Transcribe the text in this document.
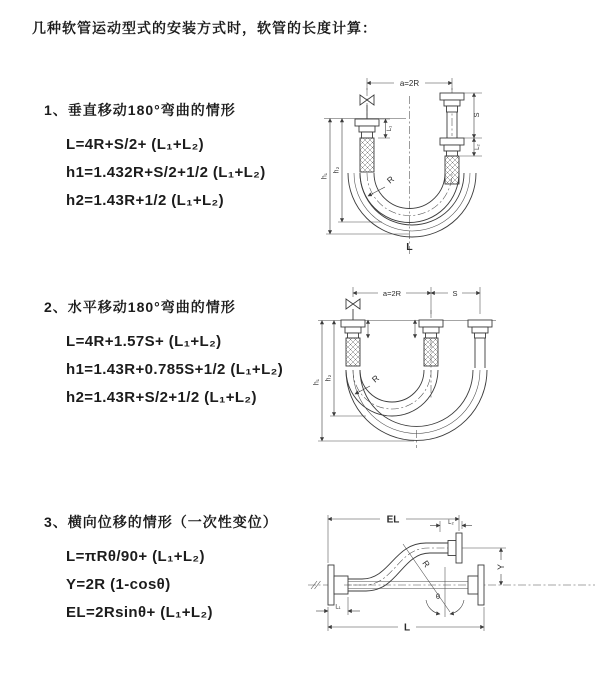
几种软管运动型式的安装方式时，软管的长度计算：
1、垂直移动180°弯曲的情形
L=4R+S/2+ (L₁+L₂)
h1=1.432R+S/2+1/2 (L₁+L₂)
h2=1.43R+1/2 (L₁+L₂)
a=2R
h₁
h₂
L₁
S
L₂
R
L
2、水平移动180°弯曲的情形
L=4R+1.57S+ (L₁+L₂)
h1=1.43R+0.785S+1/2 (L₁+L₂)
h2=1.43R+S/2+1/2 (L₁+L₂)
a=2R	S
h₁
h₂	R
3、横向位移的情形（一次性变位）
L=πRθ/90+ (L₁+L₂)
Y=2R (1-cosθ)
EL=2Rsinθ+ (L₁+L₂)
EL	L₂
Y
θ
R
L₁
L
